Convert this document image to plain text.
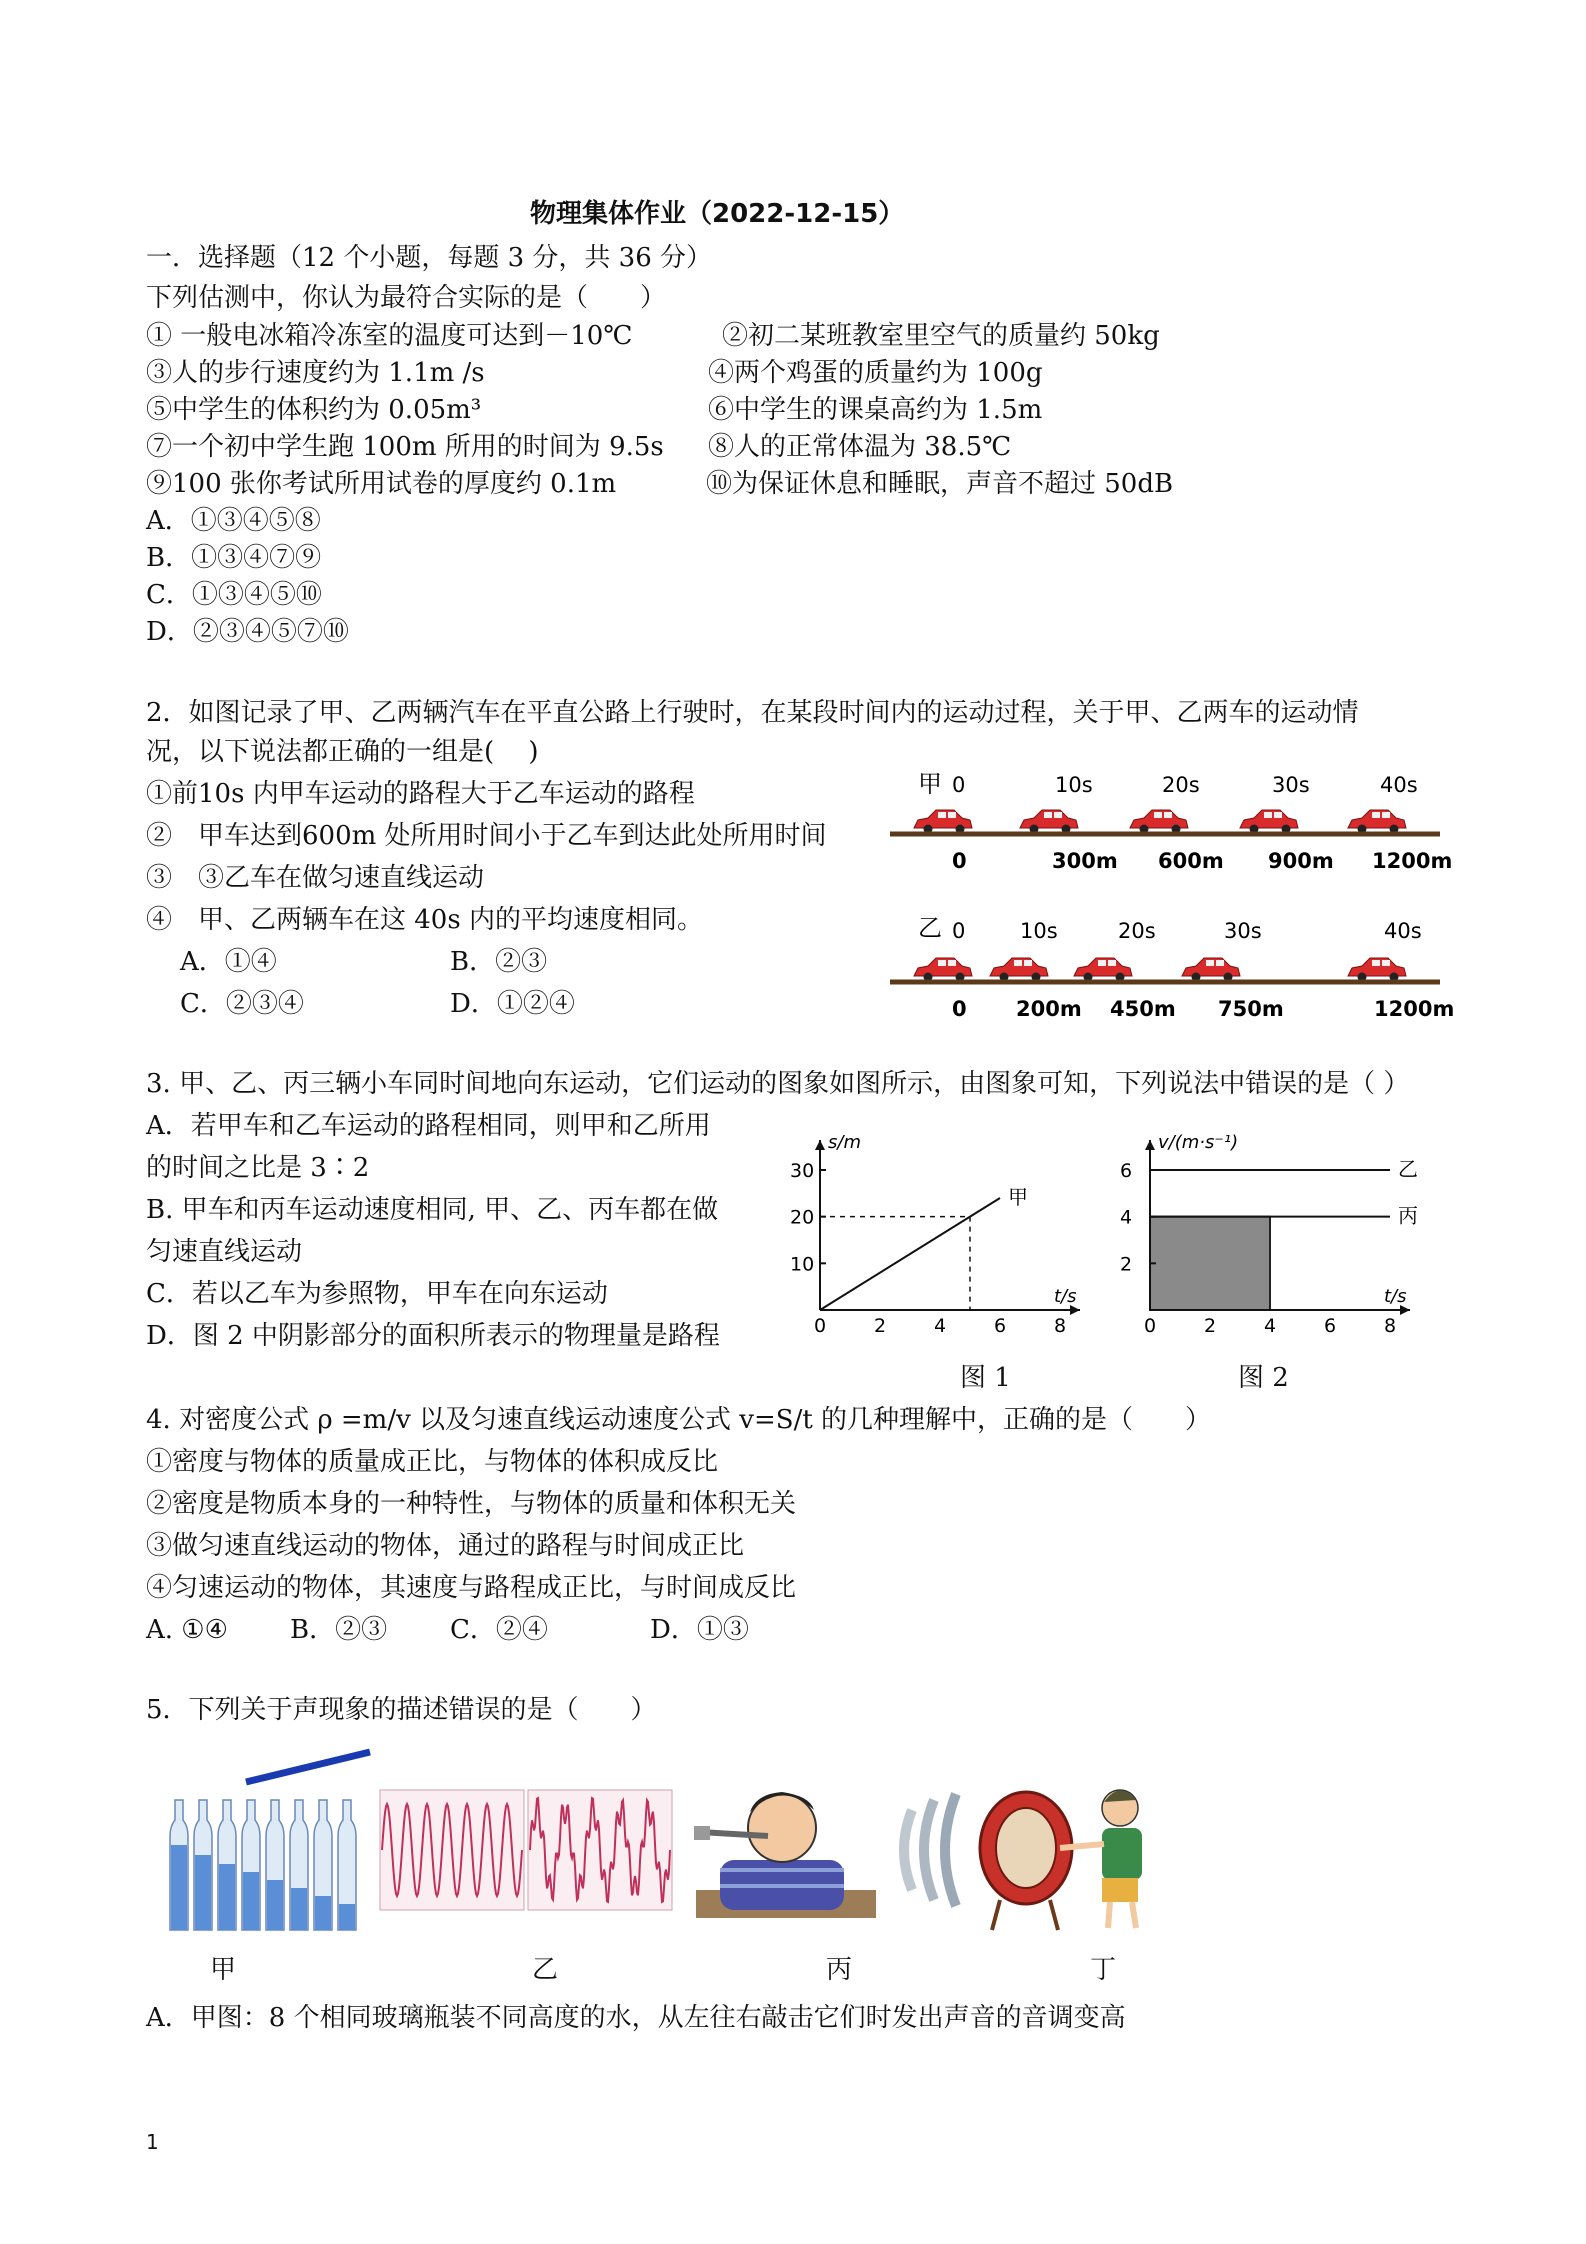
物理集体作业（2022-12-15）
一．选择题（12 个小题，每题 3 分，共 36 分）
下列估测中，你认为最符合实际的是（　　）
① 一般电冰箱冷冻室的温度可达到－10℃	②初二某班教室里空气的质量约 50kg
③人的步行速度约为 1.1m /s	④两个鸡蛋的质量约为 100g
⑤中学生的体积约为 0.05m³	⑥中学生的课桌高约为 1.5m
⑦一个初中学生跑 100m 所用的时间为 9.5s ⑧人的正常体温为 38.5℃
⑨100 张你考试所用试卷的厚度约 0.1m	⑩为保证休息和睡眠，声音不超过 50dB
A．①③④⑤⑧
B．①③④⑦⑨
C．①③④⑤⑩
D．②③④⑤⑦⑩
2．如图记录了甲、乙两辆汽车在平直公路上行驶时，在某段时间内的运动过程，关于甲、乙两车的运动情
况，以下说法都正确的一组是(　 )
①前10s 内甲车运动的路程大于乙车运动的路程
②　甲车达到600m 处所用时间小于乙车到达此处所用时间
③　③乙车在做匀速直线运动
④　甲、乙两辆车在这 40s 内的平均速度相同。
A．①④	B．②③
C．②③④	D．①②④
甲 0	10s	20s	30s	40s
0	300m 600m 900m 1200m
乙 0	10s	20s	30s	40s
0 200m 450m 750m	1200m
3. 甲、乙、丙三辆小车同时间地向东运动，它们运动的图象如图所示，由图象可知，下列说法中错误的是（ ）
A．若甲车和乙车运动的路程相同，则甲和乙所用
的时间之比是 3∶2
B. 甲车和丙车运动速度相同, 甲、乙、丙车都在做
匀速直线运动
C．若以乙车为参照物，甲车在向东运动
D．图 2 中阴影部分的面积所表示的物理量是路程
s/m
t/s
0	2	4	6	8
10
20
30
甲
图 1
v/(m·s⁻¹)
t/s
0	2	4	6	8
2
4
6	乙
丙
图 2
4. 对密度公式 ρ =m/v 以及匀速直线运动速度公式 v=S/t 的几种理解中，正确的是（　　）
①密度与物体的质量成正比，与物体的体积成反比
②密度是物质本身的一种特性，与物体的质量和体积无关
③做匀速直线运动的物体，通过的路程与时间成正比
④匀速运动的物体，其速度与路程成正比，与时间成反比
A. ①④ B．②③ C．②④	D．①③
5．下列关于声现象的描述错误的是（　　）
甲	乙	丙	丁
A．甲图：8 个相同玻璃瓶装不同高度的水，从左往右敲击它们时发出声音的音调变高
1
